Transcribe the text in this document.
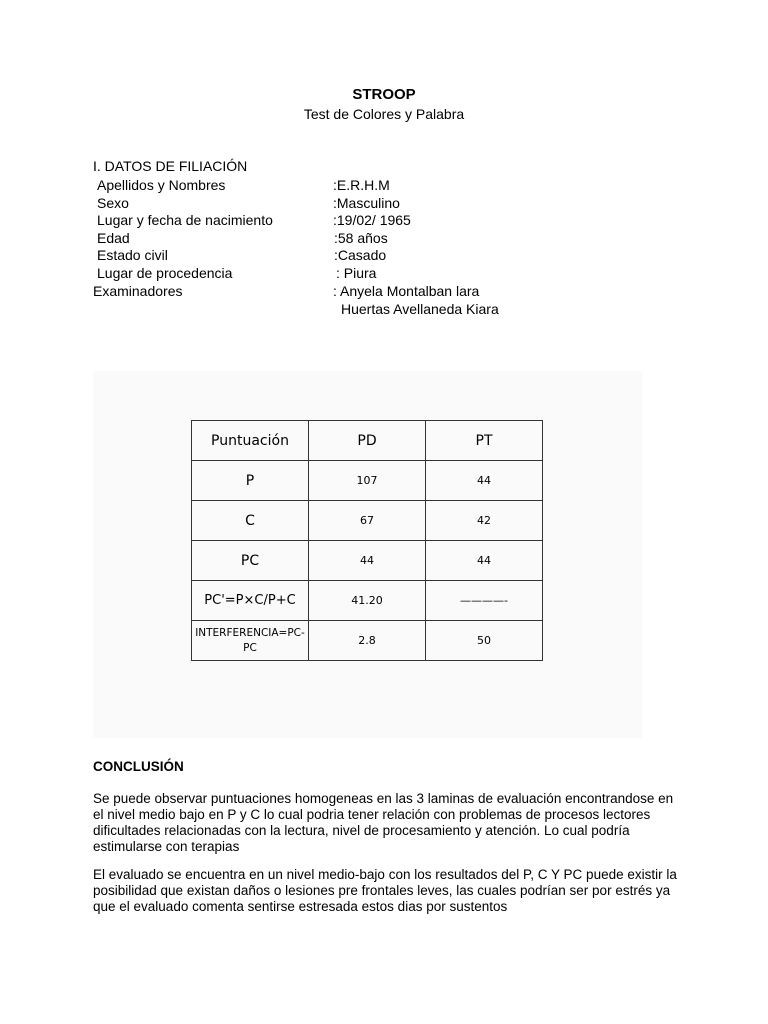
STROOP
Test de Colores y Palabra
I. DATOS DE FILIACIÓN
Apellidos y Nombres	:E.R.H.M
Sexo	:Masculino
Lugar y fecha de nacimiento	:19/02/ 1965
Edad	:58 años
Estado civil	:Casado
Lugar de procedencia	: Piura
Examinadores	: Anyela Montalban lara
Huertas Avellaneda Kiara
Puntuación	PD	PT
P	107	44
C	67	42
PC	44	44
PC'=P×C/P+C	41.20	————-
INTERFERENCIA=PC-PC	2.8	50
CONCLUSIÓN
Se puede observar puntuaciones homogeneas en las 3 laminas de evaluación encontrandose en el nivel medio bajo en P y C lo cual podria tener relación con problemas de procesos lectores dificultades relacionadas con la lectura, nivel de procesamiento y atención. Lo cual podría estimularse con terapias
El evaluado se encuentra en un nivel medio-bajo con los resultados del P, C Y PC puede existir la posibilidad que existan daños o lesiones pre frontales leves, las cuales podrían ser por estrés ya que el evaluado comenta sentirse estresada estos dias por sustentos
